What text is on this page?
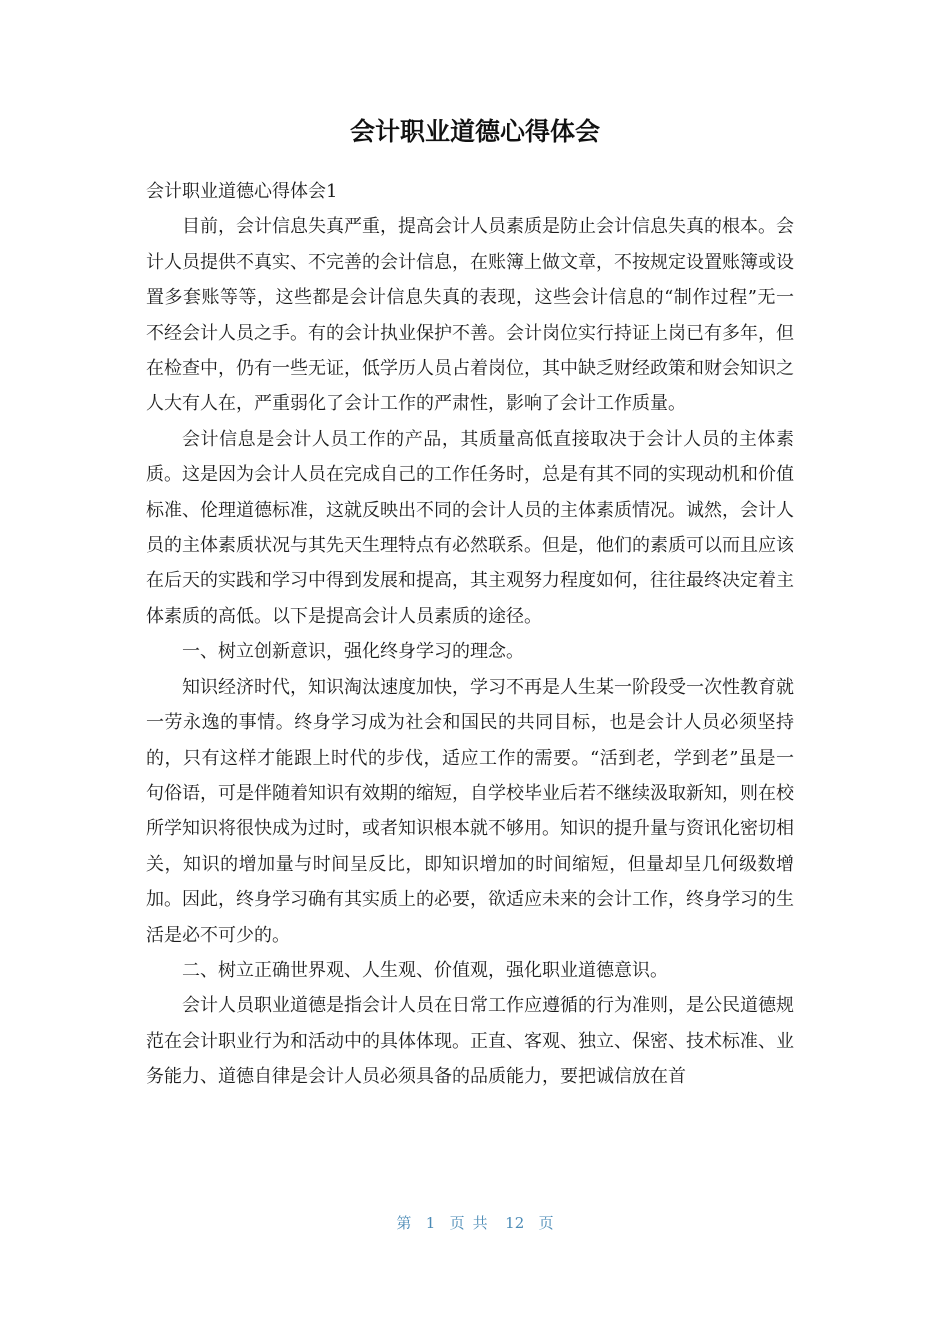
会计职业道德心得体会

会计职业道德心得体会1

目前，会计信息失真严重，提高会计人员素质是防止会计信息失真的根本。会计人员提供不真实、不完善的会计信息，在账簿上做文章，不按规定设置账簿或设置多套账等等，这些都是会计信息失真的表现，这些会计信息的“制作过程”无一不经会计人员之手。有的会计执业保护不善。会计岗位实行持证上岗已有多年，但在检查中，仍有一些无证，低学历人员占着岗位，其中缺乏财经政策和财会知识之人大有人在，严重弱化了会计工作的严肃性，影响了会计工作质量。

会计信息是会计人员工作的产品，其质量高低直接取决于会计人员的主体素质。这是因为会计人员在完成自己的工作任务时，总是有其不同的实现动机和价值标准、伦理道德标准，这就反映出不同的会计人员的主体素质情况。诚然，会计人员的主体素质状况与其先天生理特点有必然联系。但是，他们的素质可以而且应该在后天的实践和学习中得到发展和提高，其主观努力程度如何，往往最终决定着主体素质的高低。以下是提高会计人员素质的途径。

一、树立创新意识，强化终身学习的理念。

知识经济时代，知识淘汰速度加快，学习不再是人生某一阶段受一次性教育就一劳永逸的事情。终身学习成为社会和国民的共同目标，也是会计人员必须坚持的，只有这样才能跟上时代的步伐，适应工作的需要。“活到老，学到老”虽是一句俗语，可是伴随着知识有效期的缩短，自学校毕业后若不继续汲取新知，则在校所学知识将很快成为过时，或者知识根本就不够用。知识的提升量与资讯化密切相关，知识的增加量与时间呈反比，即知识增加的时间缩短，但量却呈几何级数增加。因此，终身学习确有其实质上的必要，欲适应未来的会计工作，终身学习的生活是必不可少的。

二、树立正确世界观、人生观、价值观，强化职业道德意识。

会计人员职业道德是指会计人员在日常工作应遵循的行为准则，是公民道德规范在会计职业行为和活动中的具体体现。正直、客观、独立、保密、技术标准、业务能力、道德自律是会计人员必须具备的品质能力，要把诚信放在首

第 1 页共 12 页
